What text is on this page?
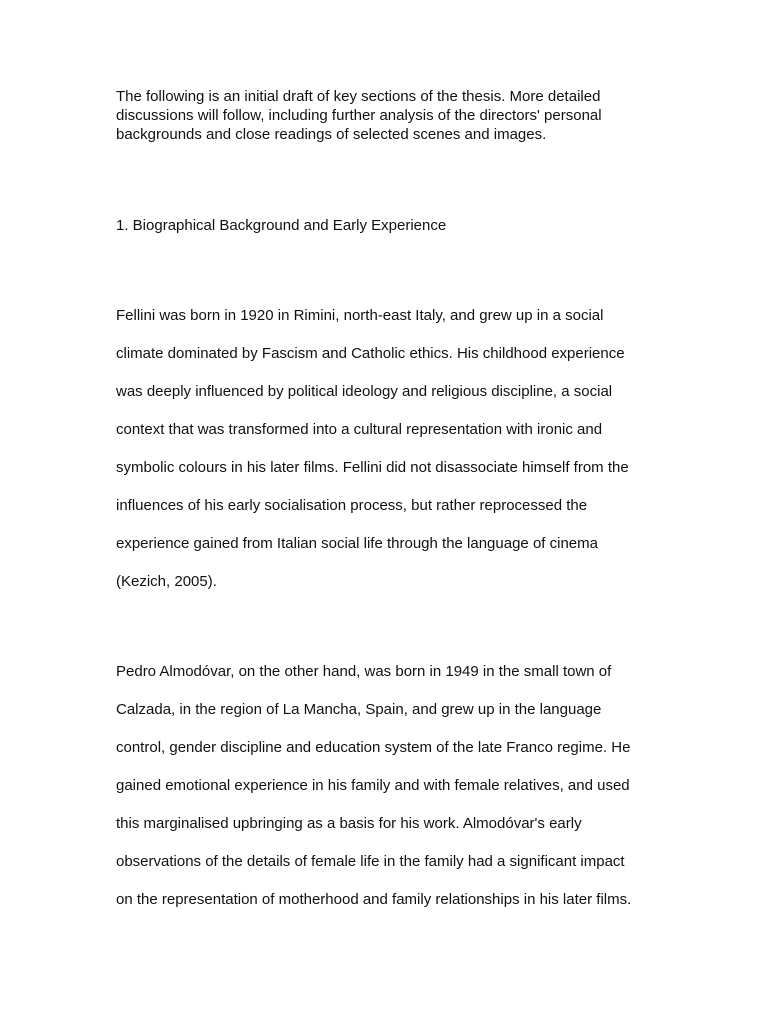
The following is an initial draft of key sections of the thesis. More detailed
discussions will follow, including further analysis of the directors' personal
backgrounds and close readings of selected scenes and images.

1. Biographical Background and Early Experience

Fellini was born in 1920 in Rimini, north-east Italy, and grew up in a social
climate dominated by Fascism and Catholic ethics. His childhood experience
was deeply influenced by political ideology and religious discipline, a social
context that was transformed into a cultural representation with ironic and
symbolic colours in his later films. Fellini did not disassociate himself from the
influences of his early socialisation process, but rather reprocessed the
experience gained from Italian social life through the language of cinema
(Kezich, 2005).

Pedro Almodóvar, on the other hand, was born in 1949 in the small town of
Calzada, in the region of La Mancha, Spain, and grew up in the language
control, gender discipline and education system of the late Franco regime. He
gained emotional experience in his family and with female relatives, and used
this marginalised upbringing as a basis for his work. Almodóvar's early
observations of the details of female life in the family had a significant impact
on the representation of motherhood and family relationships in his later films.
